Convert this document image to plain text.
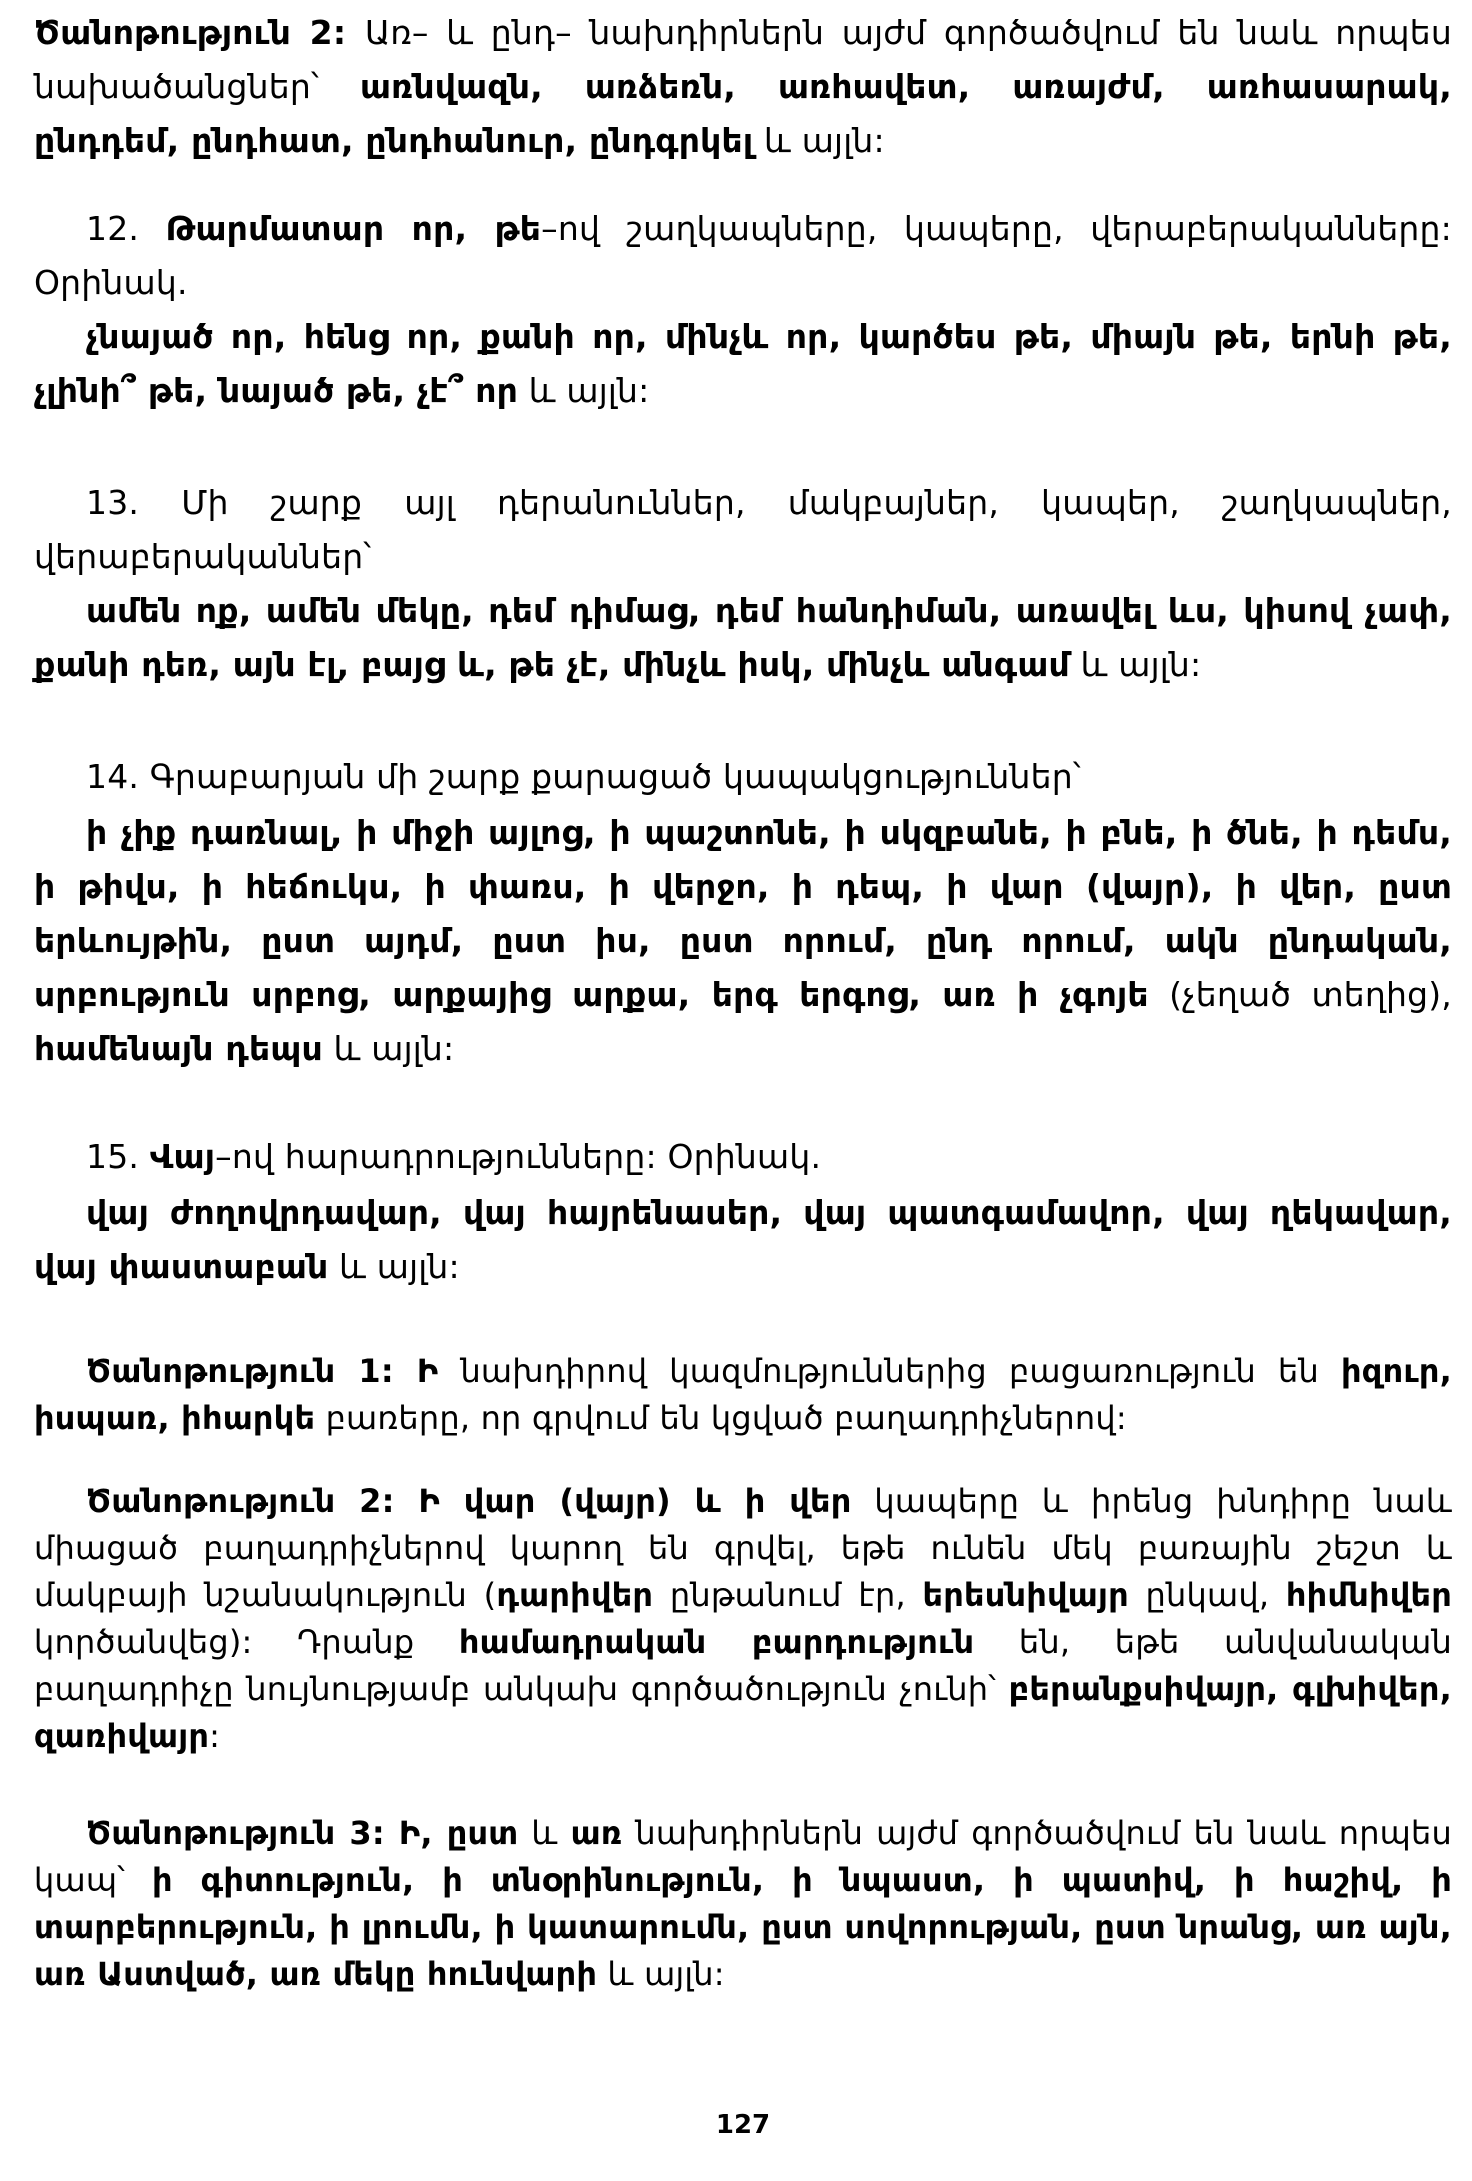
Ծանոթություն 2: Առ– և ընդ– նախդիրներն այժմ գործածվում են նաև որպես նախածանցներ՝ առնվազն, առձեռն, առհավետ, առայժմ, առհասարակ, ընդդեմ, ընդհատ, ընդհանուր, ընդգրկել և այլն:

12. Թարմատար որ, թե–ով շաղկապները, կապերը, վերաբերականները: Օրինակ.

չնայած որ, հենց որ, քանի որ, մինչև որ, կարծես թե, միայն թե, երնի թե, չլինի՞ թե, նայած թե, չէ՞ որ և այլն:

13. Մի շարք այլ դերանուններ, մակբայներ, կապեր, շաղկապներ, վերաբերականներ՝

ամեն ոք, ամեն մեկը, դեմ դիմաց, դեմ հանդիման, առավել ևս, կիսով չափ, քանի դեռ, այն էլ, բայց և, թե չէ, մինչև իսկ, մինչև անգամ և այլն:

14. Գրաբարյան մի շարք քարացած կապակցություններ՝

ի չիք դառնալ, ի միջի այլոց, ի պաշտոնե, ի սկզբանե, ի բնե, ի ծնե, ի դեմս, ի թիվս, ի հեճուկս, ի փառս, ի վերջո, ի դեպ, ի վար (վայր), ի վեր, ըստ երևույթին, ըստ այդմ, ըստ իս, ըստ որում, ընդ որում, ակն ընդական, սրբություն սրբոց, արքայից արքա, երգ երգոց, առ ի չգոյե (չեղած տեղից), համենայն դեպս և այլն:

15. Վայ–ով հարադրությունները: Օրինակ.

վայ ժողովրդավար, վայ հայրենասեր, վայ պատգամավոր, վայ ղեկավար, վայ փաստաբան և այլն:

Ծանոթություն 1: Ի նախդիրով կազմություններից բացառություն են իզուր, իսպառ, իհարկե բառերը, որ գրվում են կցված բաղադրիչներով:

Ծանոթություն 2: Ի վար (վայր) և ի վեր կապերը և իրենց խնդիրը նաև միացած բաղադրիչներով կարող են գրվել, եթե ունեն մեկ բառային շեշտ և մակբայի նշանակություն (դարիվեր ընթանում էր, երեսնիվայր ընկավ, հիմնիվեր կործանվեց): Դրանք համադրական բարդություն են, եթե անվանական բաղադրիչը նույնությամբ անկախ գործածություն չունի՝ բերանքսիվայր, գլխիվեր, զառիվայր:

Ծանոթություն 3: Ի, ըստ և առ նախդիրներն այժմ գործածվում են նաև որպես կապ՝ ի գիտություն, ի տնօրինություն, ի նպաստ, ի պատիվ, ի հաշիվ, ի տարբերություն, ի լրումն, ի կատարումն, ըստ սովորության, ըստ նրանց, առ այն, առ Աստված, առ մեկը հունվարի և այլն:

127
